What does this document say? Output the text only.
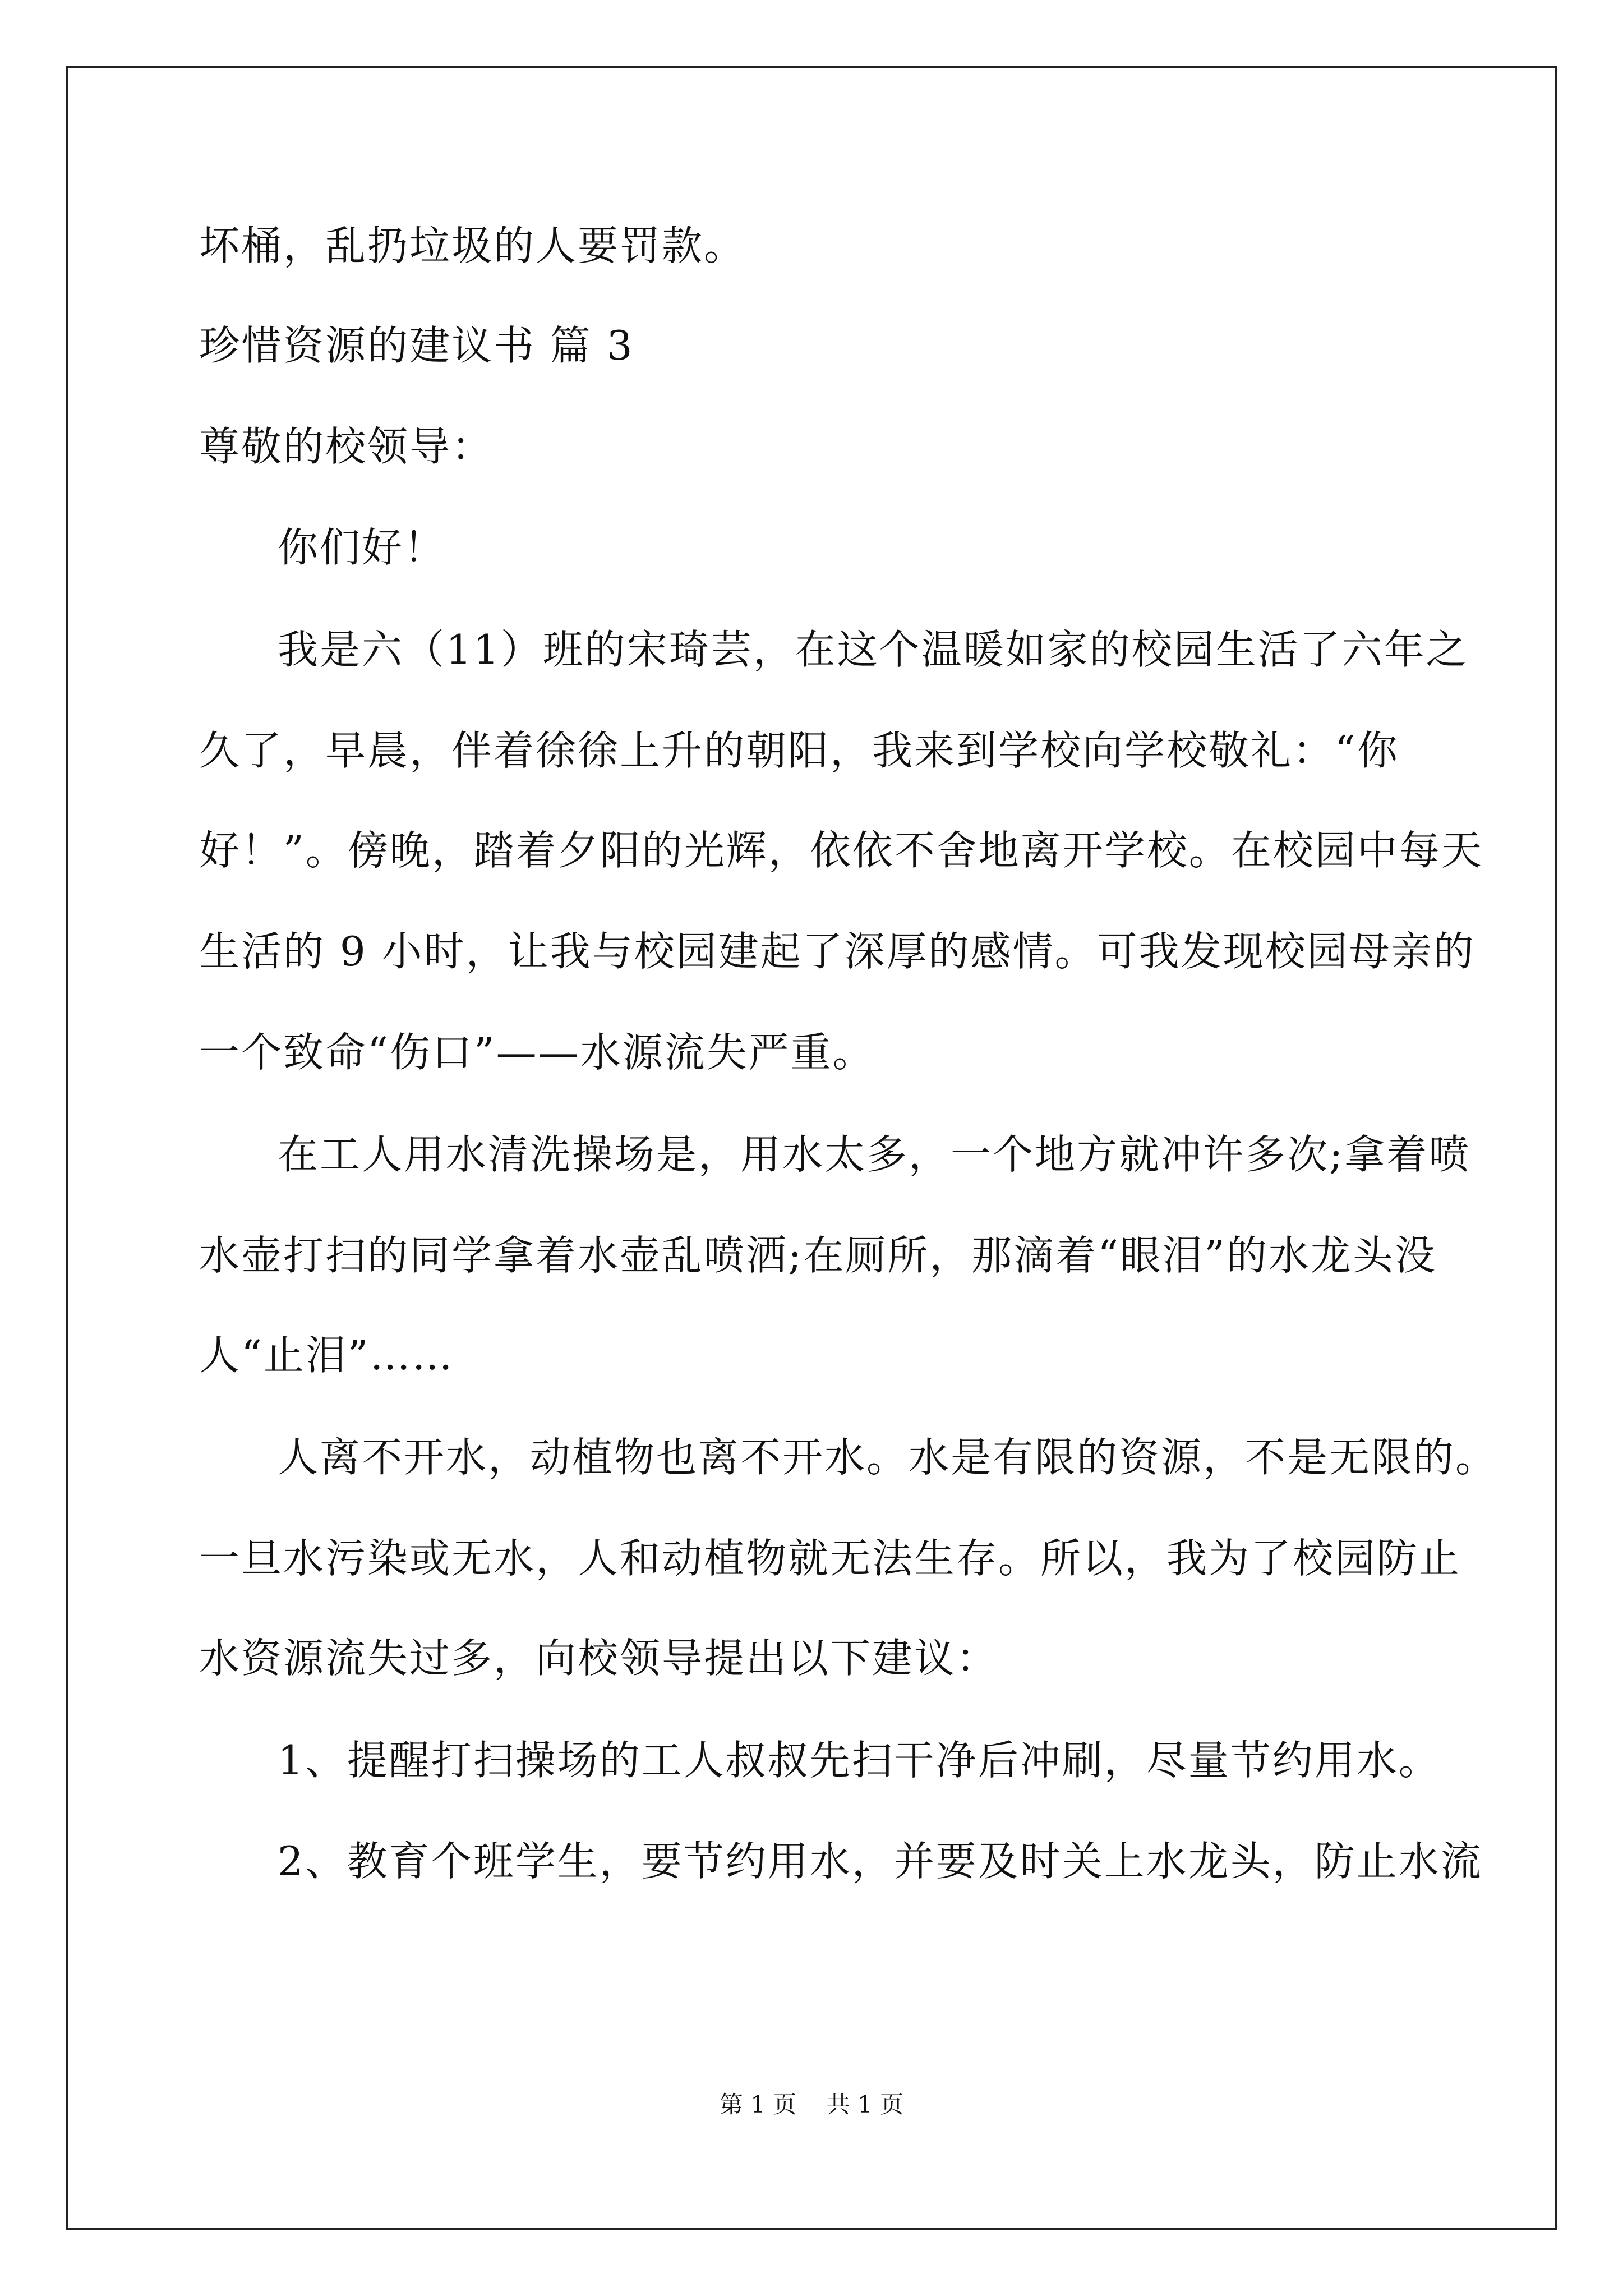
坏桶，乱扔垃圾的人要罚款。
珍惜资源的建议书 篇 3
尊敬的校领导：
你们好！
我是六（11）班的宋琦芸，在这个温暖如家的校园生活了六年之
久了，早晨，伴着徐徐上升的朝阳，我来到学校向学校敬礼：“你
好！”。傍晚，踏着夕阳的光辉，依依不舍地离开学校。在校园中每天
生活的 9 小时，让我与校园建起了深厚的感情。可我发现校园母亲的
一个致命“伤口”——水源流失严重。
在工人用水清洗操场是，用水太多，一个地方就冲许多次;拿着喷
水壶打扫的同学拿着水壶乱喷洒;在厕所，那滴着“眼泪”的水龙头没
人“止泪”……
人离不开水，动植物也离不开水。水是有限的资源，不是无限的。
一旦水污染或无水，人和动植物就无法生存。所以，我为了校园防止
水资源流失过多，向校领导提出以下建议：
1、提醒打扫操场的工人叔叔先扫干净后冲刷，尽量节约用水。
2、教育个班学生，要节约用水，并要及时关上水龙头，防止水流
第 1 页    共 1 页
